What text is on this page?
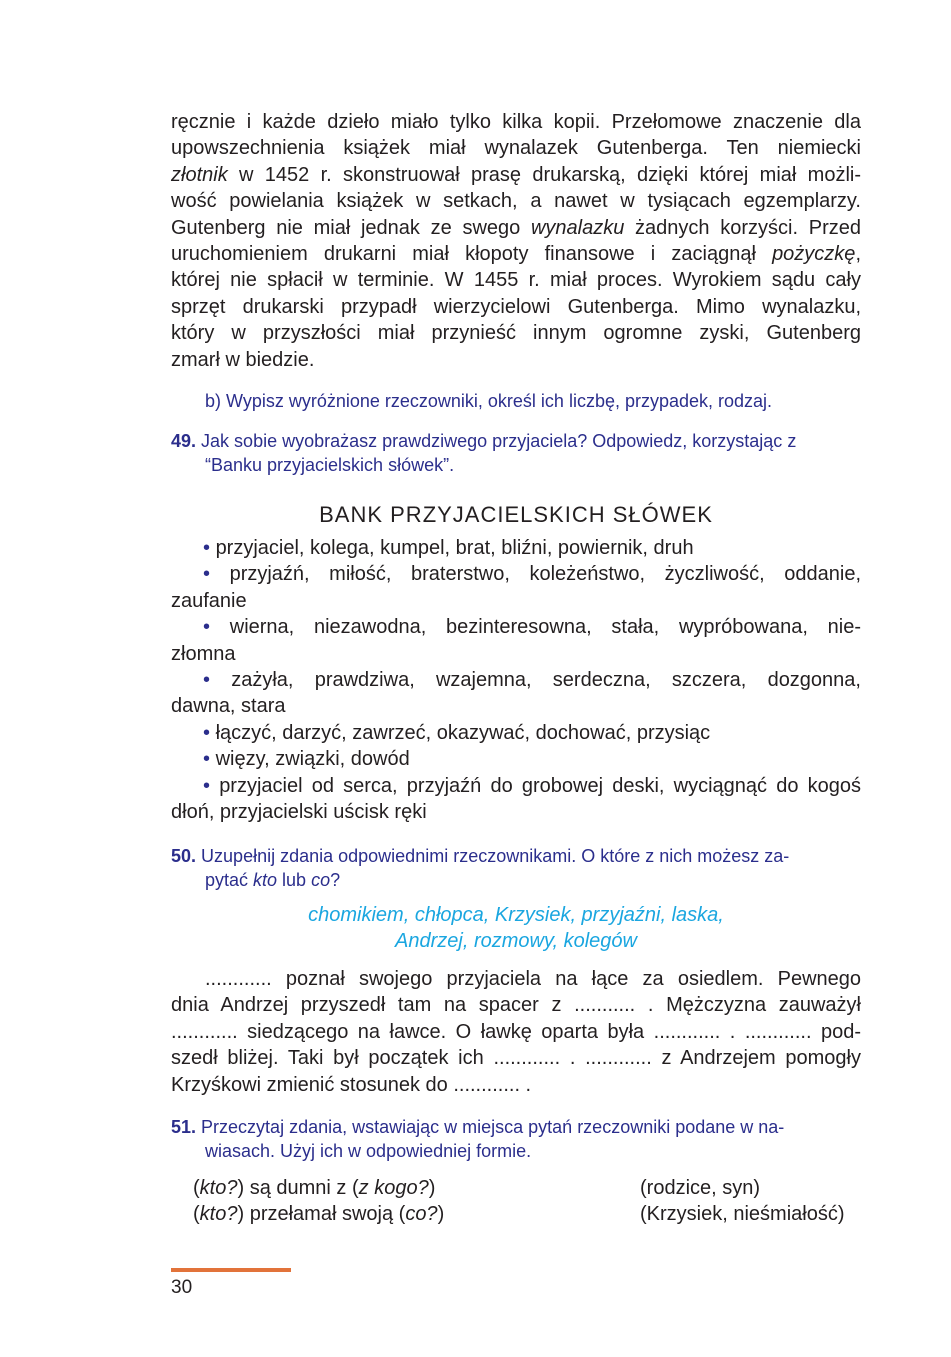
ręcznie i każde dzieło miało tylko kilka kopii. Przełomowe znaczenie dla
upowszechnienia książek miał wynalazek Gutenberga. Ten niemiecki
złotnik w 1452 r. skonstruował prasę drukarską, dzięki której miał możli-
wość powielania książek w setkach, a nawet w tysiącach egzemplarzy.
Gutenberg nie miał jednak ze swego wynalazku żadnych korzyści. Przed
uruchomieniem drukarni miał kłopoty finansowe i zaciągnął pożyczkę,
której nie spłacił w terminie. W 1455 r. miał proces. Wyrokiem sądu cały
sprzęt drukarski przypadł wierzycielowi Gutenberga. Mimo wynalazku,
który w przyszłości miał przynieść innym ogromne zyski, Gutenberg
zmarł w biedzie.
b) Wypisz wyróżnione rzeczowniki, określ ich liczbę, przypadek, rodzaj.
49. Jak sobie wyobrażasz prawdziwego przyjaciela? Odpowiedz, korzystając z
“Banku przyjacielskich słówek”.
BANK PRZYJACIELSKICH SŁÓWEK
• przyjaciel, kolega, kumpel, brat, bliźni, powiernik, druh
• przyjaźń, miłość, braterstwo, koleżeństwo, życzliwość, oddanie,
zaufanie
• wierna, niezawodna, bezinteresowna, stała, wypróbowana, nie-
złomna
• zażyła, prawdziwa, wzajemna, serdeczna, szczera, dozgonna,
dawna, stara
• łączyć, darzyć, zawrzeć, okazywać, dochować, przysiąc
• więzy, związki, dowód
• przyjaciel od serca, przyjaźń do grobowej deski, wyciągnąć do kogoś
dłoń, przyjacielski uścisk ręki
50. Uzupełnij zdania odpowiednimi rzeczownikami. O które z nich możesz za-
pytać kto lub co?
chomikiem, chłopca, Krzysiek, przyjaźni, laska,
Andrzej, rozmowy, kolegów
............ poznał swojego przyjaciela na łące za osiedlem. Pewnego
dnia Andrzej przyszedł tam na spacer z ........... . Mężczyzna zauważył
............ siedzącego na ławce. O ławkę oparta była ............ . ............ pod-
szedł bliżej. Taki był początek ich ............ . ............ z Andrzejem pomogły
Krzyśkowi zmienić stosunek do ............ .
51. Przeczytaj zdania, wstawiając w miejsca pytań rzeczowniki podane w na-
wiasach. Użyj ich w odpowiedniej formie.
(kto?) są dumni z (z kogo?)
(kto?) przełamał swoją (co?)
(rodzice, syn)
(Krzysiek, nieśmiałość)
30
